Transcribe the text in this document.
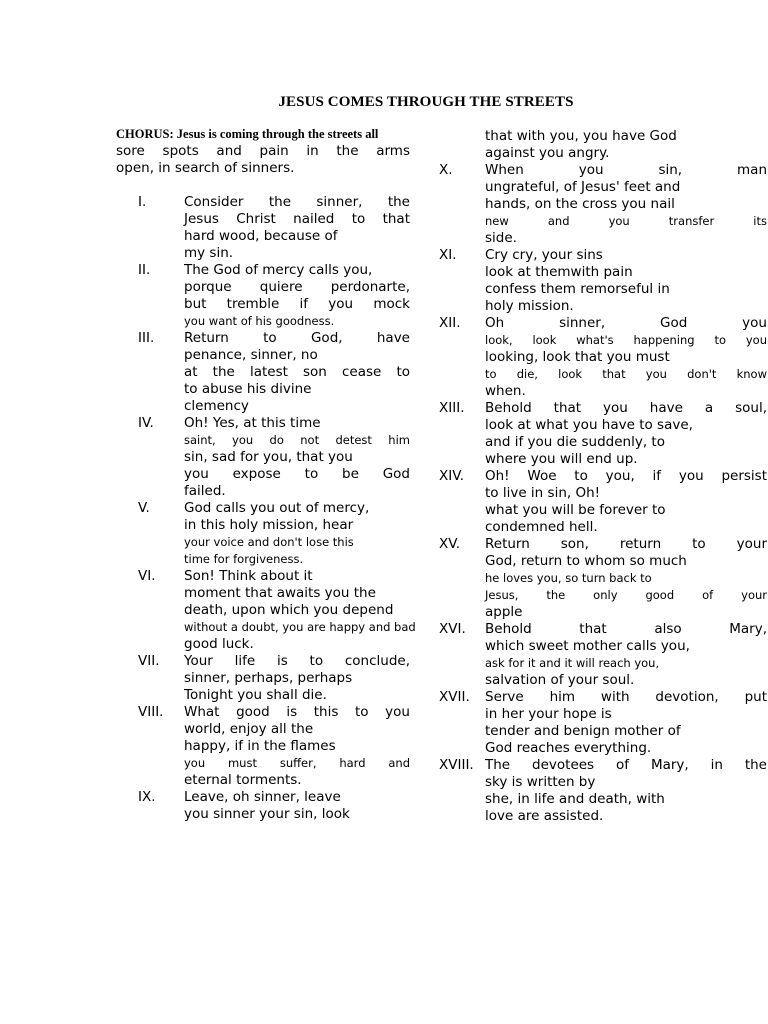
JESUS COMES THROUGH THE STREETS
CHORUS: Jesus is coming through the streets all
sore spots and pain in the arms
open, in search of sinners.
I.	Consider the sinner, the
Jesus Christ nailed to that
hard wood, because of
my sin.
II. The God of mercy calls you,
porque quiere perdonarte,
but tremble if you mock
you want of his goodness.
III. Return to God, have
penance, sinner, no
at the latest son cease to
to abuse his divine
clemency
IV. Oh! Yes, at this time
saint, you do not detest him
sin, sad for you, that you
you expose to be God
failed.
V.	God calls you out of mercy,
in this holy mission, hear
your voice and don't lose this
time for forgiveness.
VI. Son! Think about it
moment that awaits you the
death, upon which you depend
without a doubt, you are happy and bad
good luck.
VII. Your life is to conclude,
sinner, perhaps, perhaps
Tonight you shall die.
VIII. What good is this to you
world, enjoy all the
happy, if in the flames
you must suffer, hard and
eternal torments.
IX. Leave, oh sinner, leave
you sinner your sin, look
that with you, you have God
against you angry.
X. When you sin, man
ungrateful, of Jesus' feet and
hands, on the cross you nail
new and you transfer its
side.
XI. Cry cry, your sins
look at themwith pain
confess them remorseful in
holy mission.
XII. Oh sinner, God you
look, look what's happening to you
looking, look that you must
to die, look that you don't know
when.
XIII. Behold that you have a soul,
look at what you have to save,
and if you die suddenly, to
where you will end up.
XIV. Oh! Woe to you, if you persist
to live in sin, Oh!
what you will be forever to
condemned hell.
XV. Return son, return to your
God, return to whom so much
he loves you, so turn back to
Jesus, the only good of your
apple
XVI. Behold that also Mary,
which sweet mother calls you,
ask for it and it will reach you,
salvation of your soul.
XVII. Serve him with devotion, put
in her your hope is
tender and benign mother of
God reaches everything.
XVIII. The devotees of Mary, in the
sky is written by
she, in life and death, with
love are assisted.
